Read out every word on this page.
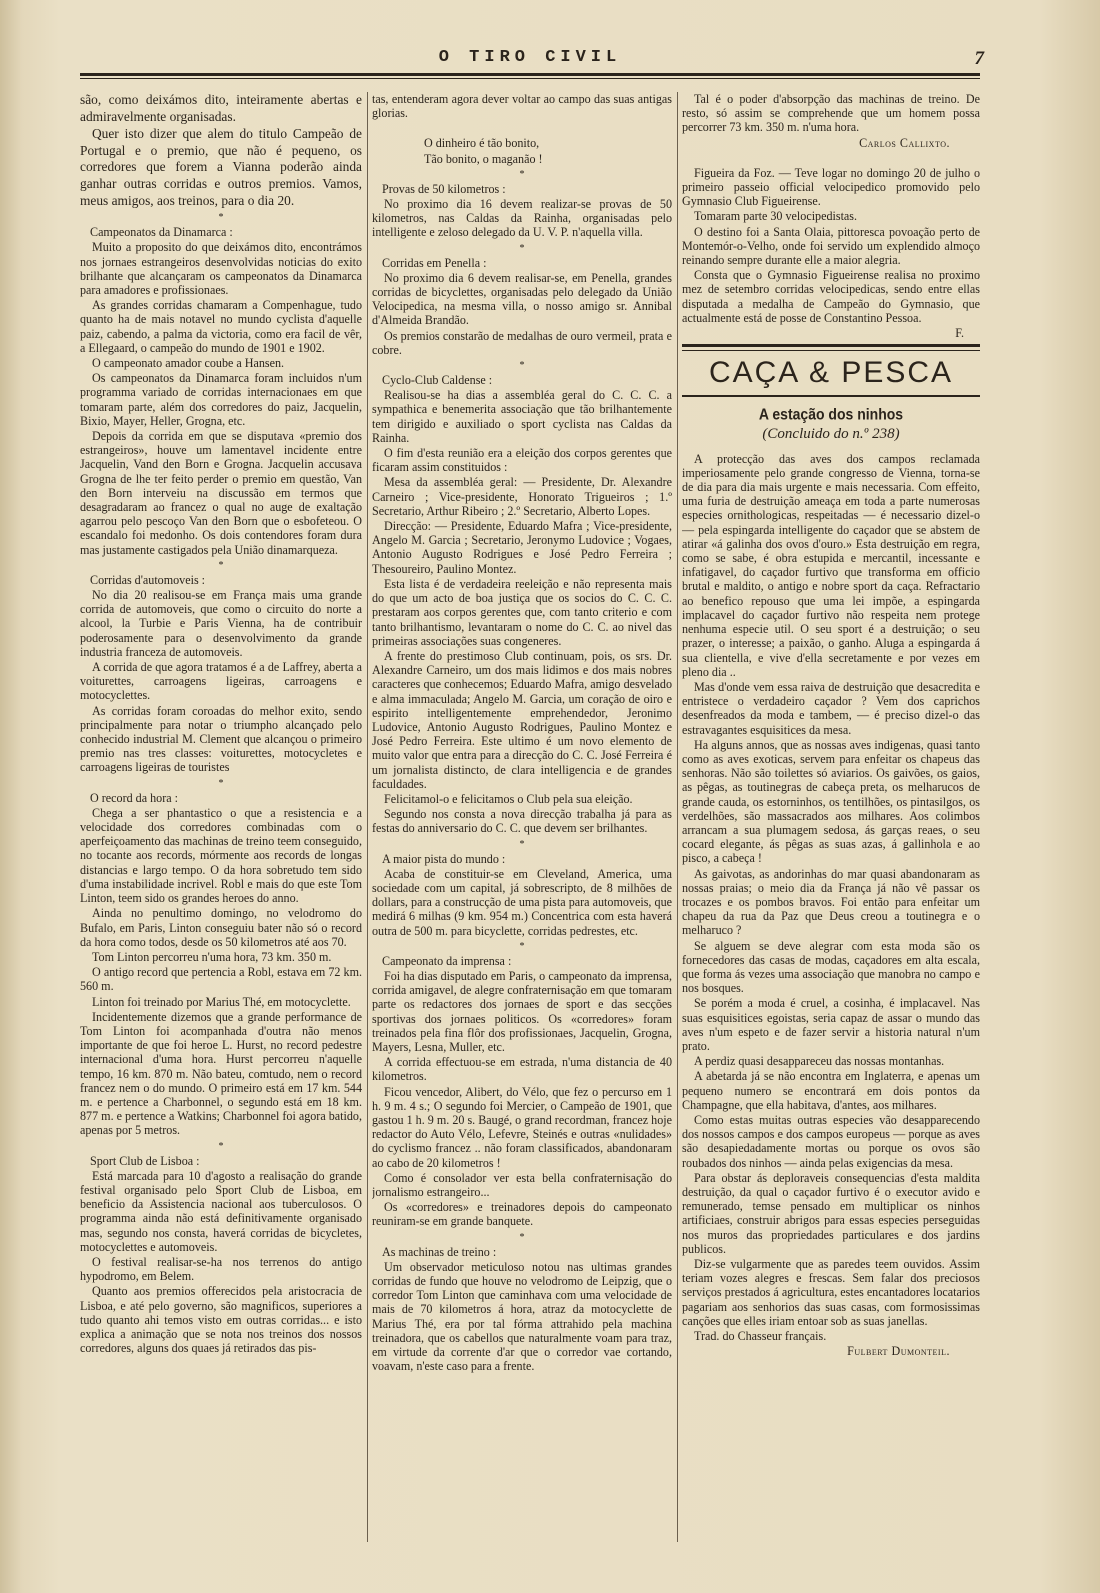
O TIRO CIVIL	7

são, como deixámos dito, inteiramente abertas e admiravelmente organisadas.

Quer isto dizer que alem do titulo Campeão de Portugal e o premio, que não é pequeno, os corredores que forem a Vianna poderão ainda ganhar outras corridas e outros premios. Vamos, meus amigos, aos treinos, para o dia 20.

*

Campeonatos da Dinamarca :

Muito a proposito do que deixámos dito, encontrámos nos jornaes estrangeiros desenvolvidas noticias do exito brilhante que alcançaram os campeonatos da Dinamarca para amadores e profissionaes.

As grandes corridas chamaram a Compenhague, tudo quanto ha de mais notavel no mundo cyclista d'aquelle paiz, cabendo, a palma da victoria, como era facil de vêr, a Ellegaard, o campeão do mundo de 1901 e 1902.

O campeonato amador coube a Hansen.

Os campeonatos da Dinamarca foram incluidos n'um programma variado de corridas internacionaes em que tomaram parte, além dos corredores do paiz, Jacquelin, Bixio, Mayer, Heller, Grogna, etc.

Depois da corrida em que se disputava «premio dos estrangeiros», houve um lamentavel incidente entre Jacquelin, Vand den Born e Grogna. Jacquelin accusava Grogna de lhe ter feito perder o premio em questão, Van den Born interveiu na discussão em termos que desagradaram ao francez o qual no auge de exaltação agarrou pelo pescoço Van den Born que o esbofeteou. O escandalo foi medonho. Os dois contendores foram dura mas justamente castigados pela União dinamarqueza.

*

Corridas d'automoveis :

No dia 20 realisou-se em França mais uma grande corrida de automoveis, que como o circuito do norte a alcool, la Turbie e Paris Vienna, ha de contribuir poderosamente para o desenvolvimento da grande industria franceza de automoveis.

A corrida de que agora tratamos é a de Laffrey, aberta a voiturettes, carroagens ligeiras, carroagens e motocyclettes.

As corridas foram coroadas do melhor exito, sendo principalmente para notar o triumpho alcançado pelo conhecido industrial M. Clement que alcançou o primeiro premio nas tres classes: voiturettes, motocycletes e carroagens ligeiras de touristes

*

O record da hora :

Chega a ser phantastico o que a resistencia e a velocidade dos corredores combinadas com o aperfeiçoamento das machinas de treino teem conseguido, no tocante aos records, mórmente aos records de longas distancias e largo tempo. O da hora sobretudo tem sido d'uma instabilidade incrivel. Robl e mais do que este Tom Linton, teem sido os grandes heroes do anno.

Ainda no penultimo domingo, no velodromo do Bufalo, em Paris, Linton conseguiu bater não só o record da hora como todos, desde os 50 kilometros até aos 70.

Tom Linton percorreu n'uma hora, 73 km. 350 m.

O antigo record que pertencia a Robl, estava em 72 km. 560 m.

Linton foi treinado por Marius Thé, em motocyclette.

Incidentemente dizemos que a grande performance de Tom Linton foi acompanhada d'outra não menos importante de que foi heroe L. Hurst, no record pedestre internacional d'uma hora. Hurst percorreu n'aquelle tempo, 16 km. 870 m. Não bateu, comtudo, nem o record francez nem o do mundo. O primeiro está em 17 km. 544 m. e pertence a Charbonnel, o segundo está em 18 km. 877 m. e pertence a Watkins; Charbonnel foi agora batido, apenas por 5 metros.

*

Sport Club de Lisboa :

Está marcada para 10 d'agosto a realisação do grande festival organisado pelo Sport Club de Lisboa, em beneficio da Assistencia nacional aos tuberculosos. O programma ainda não está definitivamente organisado mas, segundo nos consta, haverá corridas de bicycletes, motocyclettes e automoveis.

O festival realisar-se-ha nos terrenos do antigo hypodromo, em Belem.

Quanto aos premios offerecidos pela aristocracia de Lisboa, e até pelo governo, são magnificos, superiores a tudo quanto ahi temos visto em outras corridas... e isto explica a animação que se nota nos treinos dos nossos corredores, alguns dos quaes já retirados das pis-

tas, entenderam agora dever voltar ao campo das suas antigas glorias.

O dinheiro é tão bonito,

Tão bonito, o maganão !

*

Provas de 50 kilometros :

No proximo dia 16 devem realizar-se provas de 50 kilometros, nas Caldas da Rainha, organisadas pelo intelligente e zeloso delegado da U. V. P. n'aquella villa.

*

Corridas em Penella :

No proximo dia 6 devem realisar-se, em Penella, grandes corridas de bicyclettes, organisadas pelo delegado da União Velocipedica, na mesma villa, o nosso amigo sr. Annibal d'Almeida Brandão.

Os premios constarão de medalhas de ouro vermeil, prata e cobre.

*

Cyclo-Club Caldense :

Realisou-se ha dias a assembléa geral do C. C. C. a sympathica e benemerita associação que tão brilhantemente tem dirigido e auxiliado o sport cyclista nas Caldas da Rainha.

O fim d'esta reunião era a eleição dos corpos gerentes que ficaram assim constituidos :

Mesa da assembléa geral: — Presidente, Dr. Alexandre Carneiro ; Vice-presidente, Honorato Trigueiros ; 1.º Secretario, Arthur Ribeiro ; 2.º Secretario, Alberto Lopes.

Direcção: — Presidente, Eduardo Mafra ; Vice-presidente, Angelo M. Garcia ; Secretario, Jeronymo Ludovice ; Vogaes, Antonio Augusto Rodrigues e José Pedro Ferreira ; Thesoureiro, Paulino Montez.

Esta lista é de verdadeira reeleição e não representa mais do que um acto de boa justiça que os socios do C. C. C. prestaram aos corpos gerentes que, com tanto criterio e com tanto brilhantismo, levantaram o nome do C. C. ao nivel das primeiras associações suas congeneres.

A frente do prestimoso Club continuam, pois, os srs. Dr. Alexandre Carneiro, um dos mais lidimos e dos mais nobres caracteres que conhecemos; Eduardo Mafra, amigo desvelado e alma immaculada; Angelo M. Garcia, um coração de oiro e espirito intelligentemente emprehendedor, Jeronimo Ludovice, Antonio Augusto Rodrigues, Paulino Montez e José Pedro Ferreira. Este ultimo é um novo elemento de muito valor que entra para a direcção do C. C. José Ferreira é um jornalista distincto, de clara intelligencia e de grandes faculdades.

Felicitamol-o e felicitamos o Club pela sua eleição.

Segundo nos consta a nova direcção trabalha já para as festas do anniversario do C. C. que devem ser brilhantes.

*

A maior pista do mundo :

Acaba de constituir-se em Cleveland, America, uma sociedade com um capital, já sobrescripto, de 8 milhões de dollars, para a construcção de uma pista para automoveis, que medirá 6 milhas (9 km. 954 m.) Concentrica com esta haverá outra de 500 m. para bicyclette, corridas pedrestes, etc.

*

Campeonato da imprensa :

Foi ha dias disputado em Paris, o campeonato da imprensa, corrida amigavel, de alegre confraternisação em que tomaram parte os redactores dos jornaes de sport e das secções sportivas dos jornaes politicos. Os «corredores» foram treinados pela fina flôr dos profissionaes, Jacquelin, Grogna, Mayers, Lesna, Muller, etc.

A corrida effectuou-se em estrada, n'uma distancia de 40 kilometros.

Ficou vencedor, Alibert, do Vélo, que fez o percurso em 1 h. 9 m. 4 s.; O segundo foi Mercier, o Campeão de 1901, que gastou 1 h. 9 m. 20 s. Baugé, o grand recordman, francez hoje redactor do Auto Vélo, Lefevre, Steinés e outras «nulidades» do cyclismo francez .. não foram classificados, abandonaram ao cabo de 20 kilometros !

Como é consolador ver esta bella confraternisação do jornalismo estrangeiro...

Os «corredores» e treinadores depois do campeonato reuniram-se em grande banquete.

*

As machinas de treino :

Um observador meticuloso notou nas ultimas grandes corridas de fundo que houve no velodromo de Leipzig, que o corredor Tom Linton que caminhava com uma velocidade de mais de 70 kilometros á hora, atraz da motocyclette de Marius Thé, era por tal fórma attrahido pela machina treinadora, que os cabellos que naturalmente voam para traz, em virtude da corrente d'ar que o corredor vae cortando, voavam, n'este caso para a frente.

Tal é o poder d'absorpção das machinas de treino. De resto, só assim se comprehende que um homem possa percorrer 73 km. 350 m. n'uma hora.

Carlos Callixto.

Figueira da Foz. — Teve logar no domingo 20 de julho o primeiro passeio official velocipedico promovido pelo Gymnasio Club Figueirense.

Tomaram parte 30 velocipedistas.

O destino foi a Santa Olaia, pittoresca povoação perto de Montemór-o-Velho, onde foi servido um explendido almoço reinando sempre durante elle a maior alegria.

Consta que o Gymnasio Figueirense realisa no proximo mez de setembro corridas velocipedicas, sendo entre ellas disputada a medalha de Campeão do Gymnasio, que actualmente está de posse de Constantino Pessoa.

F.

CAÇA & PESCA
A estação dos ninhos
(Concluido do n.º 238)

A protecção das aves dos campos reclamada imperiosamente pelo grande congresso de Vienna, torna-se de dia para dia mais urgente e mais necessaria. Com effeito, uma furia de destruição ameaça em toda a parte numerosas especies ornithologicas, respeitadas — é necessario dizel-o — pela espingarda intelligente do caçador que se abstem de atirar «á galinha dos ovos d'ouro.» Esta destruição em regra, como se sabe, é obra estupida e mercantil, incessante e infatigavel, do caçador furtivo que transforma em officio brutal e maldito, o antigo e nobre sport da caça. Refractario ao benefico repouso que uma lei impõe, a espingarda implacavel do caçador furtivo não respeita nem protege nenhuma especie util. O seu sport é a destruição; o seu prazer, o interesse; a paixão, o ganho. Aluga a espingarda á sua clientella, e vive d'ella secretamente e por vezes em pleno dia ..

Mas d'onde vem essa raiva de destruição que desacredita e entristece o verdadeiro caçador ? Vem dos caprichos desenfreados da moda e tambem, — é preciso dizel-o das estravagantes esquisitices da mesa.

Ha alguns annos, que as nossas aves indigenas, quasi tanto como as aves exoticas, servem para enfeitar os chapeus das senhoras. Não são toilettes só aviarios. Os gaivões, os gaios, as pêgas, as toutinegras de cabeça preta, os melharucos de grande cauda, os estorninhos, os tentilhões, os pintasilgos, os verdelhões, são massacrados aos milhares. Aos colimbos arrancam a sua plumagem sedosa, ás garças reaes, o seu cocard elegante, ás pêgas as suas azas, á gallinhola e ao pisco, a cabeça !

As gaivotas, as andorinhas do mar quasi abandonaram as nossas praias; o meio dia da França já não vê passar os trocazes e os pombos bravos. Foi então para enfeitar um chapeu da rua da Paz que Deus creou a toutinegra e o melharuco ?

Se alguem se deve alegrar com esta moda são os fornecedores das casas de modas, caçadores em alta escala, que forma ás vezes uma associação que manobra no campo e nos bosques.

Se porém a moda é cruel, a cosinha, é implacavel. Nas suas esquisitices egoistas, seria capaz de assar o mundo das aves n'um espeto e de fazer servir a historia natural n'um prato.

A perdiz quasi desappareceu das nossas montanhas.

A abetarda já se não encontra em Inglaterra, e apenas um pequeno numero se encontrará em dois pontos da Champagne, que ella habitava, d'antes, aos milhares.

Como estas muitas outras especies vão desapparecendo dos nossos campos e dos campos europeus — porque as aves são desapiedadamente mortas ou porque os ovos são roubados dos ninhos — ainda pelas exigencias da mesa.

Para obstar ás deploraveis consequencias d'esta maldita destruição, da qual o caçador furtivo é o executor avido e remunerado, temse pensado em multiplicar os ninhos artificiaes, construir abrigos para essas especies perseguidas nos muros das propriedades particulares e dos jardins publicos.

Diz-se vulgarmente que as paredes teem ouvidos. Assim teriam vozes alegres e frescas. Sem falar dos preciosos serviços prestados á agricultura, estes encantadores locatarios pagariam aos senhorios das suas casas, com formosissimas canções que elles iriam entoar sob as suas janellas.

Trad. do Chasseur français.

Fulbert Dumonteil.
